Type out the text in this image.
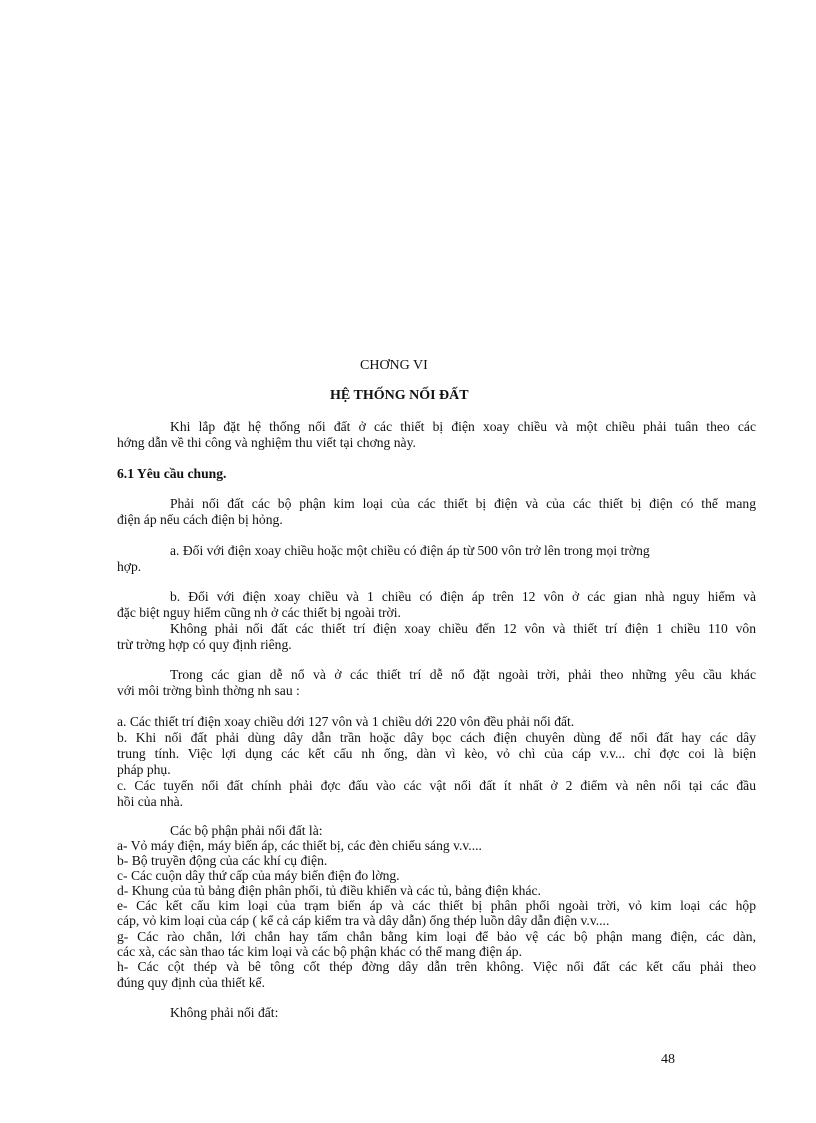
CHƠNG VI
HỆ THỐNG NỐI ĐẤT
Khi lắp đặt hệ thống nối đất ở các thiết bị điện xoay chiều và một chiều phải tuân theo các
hớng dẫn về thi công và nghiệm thu viết tại chơng này.
6.1 Yêu cầu chung.
Phải nối đất các bộ phận kim loại của các thiết bị điện và của các thiết bị điện có thể mang
điện áp nếu cách điện bị hỏng.
a. Đối với điện xoay chiều hoặc một chiều có điện áp từ 500 vôn trở lên trong mọi trờng
hợp.
b. Đối với điện xoay chiều và 1 chiều có điện áp trên 12 vôn ở các gian nhà nguy hiểm và
đặc biệt nguy hiểm cũng nh ở các thiết bị ngoài trời.
Không phải nối đất các thiết trí điện xoay chiều đến 12 vôn và thiết trí điện 1 chiều 110 vôn
trừ trờng hợp có quy định riêng.
Trong các gian dễ nổ và ở các thiết trí dễ nổ đặt ngoài trời, phải theo những yêu cầu khác
với môi trờng bình thờng nh sau :
a. Các thiết trí điện xoay chiều dới 127 vôn và 1 chiều dới 220 vôn đều phải nối đất.
b. Khi nối đất phải dùng dây dẫn trần hoặc dây bọc cách điện chuyên dùng để nối đất hay các dây
trung tính. Việc lợi dụng các kết cấu nh ống, dàn vì kèo, vỏ chì của cáp v.v... chỉ đợc coi là biện
pháp phụ.
c. Các tuyến nối đất chính phải đợc đấu vào các vật nối đất ít nhất ở 2 điểm và nên nối tại các đầu
hồi của nhà.
Các bộ phận phải nối đất là:
a- Vỏ máy điện, máy biến áp, các thiết bị, các đèn chiếu sáng v.v....
b- Bộ truyền động của các khí cụ điện.
c- Các cuộn dây thứ cấp của máy biến điện đo lờng.
d- Khung của tủ bảng điện phân phối, tủ điều khiển và các tủ, bảng điện khác.
e- Các kết cấu kim loại của trạm biến áp và các thiết bị phân phối ngoài trời, vỏ kim loại các hộp
cáp, vỏ kim loại của cáp ( kể cả cáp kiểm tra và dây dẫn) ống thép luồn dây dẫn điện v.v....
g- Các rào chắn, lới chắn hay tấm chắn bằng kim loại để bảo vệ các bộ phận mang điện, các dàn,
các xà, các sàn thao tác kim loại và các bộ phận khác có thể mang điện áp.
h- Các cột thép và bê tông cốt thép đờng dây dẫn trên không. Việc nối đất các kết cấu phải theo
đúng quy định của thiết kế.
Không phải nối đất:
48
